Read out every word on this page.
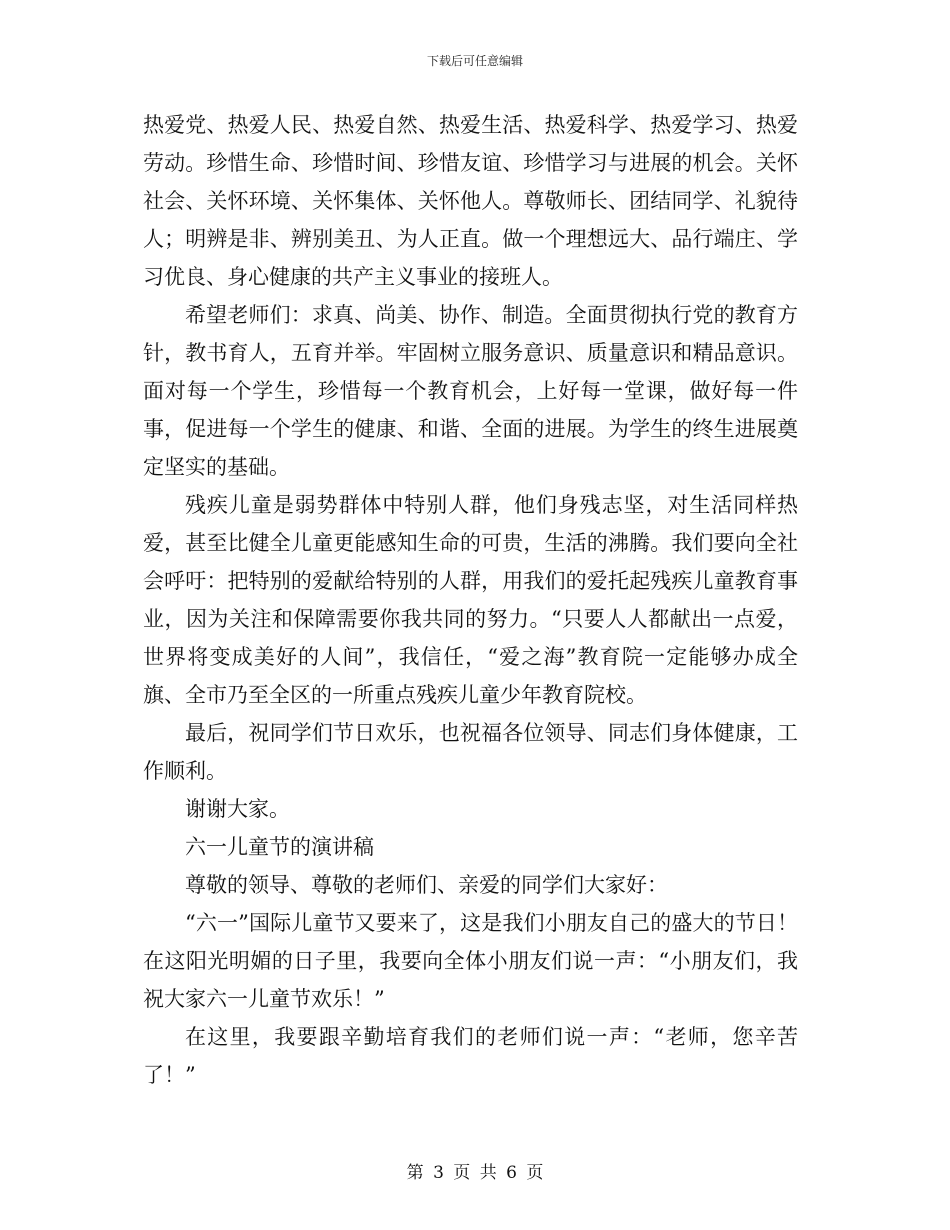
下载后可任意编辑

热爱党、热爱人民、热爱自然、热爱生活、热爱科学、热爱学习、热爱劳动。珍惜生命、珍惜时间、珍惜友谊、珍惜学习与进展的机会。关怀社会、关怀环境、关怀集体、关怀他人。尊敬师长、团结同学、礼貌待人；明辨是非、辨别美丑、为人正直。做一个理想远大、品行端庄、学习优良、身心健康的共产主义事业的接班人。

希望老师们：求真、尚美、协作、制造。全面贯彻执行党的教育方针，教书育人，五育并举。牢固树立服务意识、质量意识和精品意识。面对每一个学生，珍惜每一个教育机会，上好每一堂课，做好每一件事，促进每一个学生的健康、和谐、全面的进展。为学生的终生进展奠定坚实的基础。

残疾儿童是弱势群体中特别人群，他们身残志坚，对生活同样热爱，甚至比健全儿童更能感知生命的可贵，生活的沸腾。我们要向全社会呼吁：把特别的爱献给特别的人群，用我们的爱托起残疾儿童教育事业，因为关注和保障需要你我共同的努力。“只要人人都献出一点爱，世界将变成美好的人间”，我信任，“爱之海”教育院一定能够办成全旗、全市乃至全区的一所重点残疾儿童少年教育院校。

最后，祝同学们节日欢乐，也祝福各位领导、同志们身体健康，工作顺利。

谢谢大家。

六一儿童节的演讲稿

尊敬的领导、尊敬的老师们、亲爱的同学们大家好：

“六一”国际儿童节又要来了，这是我们小朋友自己的盛大的节日！在这阳光明媚的日子里，我要向全体小朋友们说一声：“小朋友们，我祝大家六一儿童节欢乐！”

在这里，我要跟辛勤培育我们的老师们说一声：“老师，您辛苦了！”

第 3 页 共 6 页
